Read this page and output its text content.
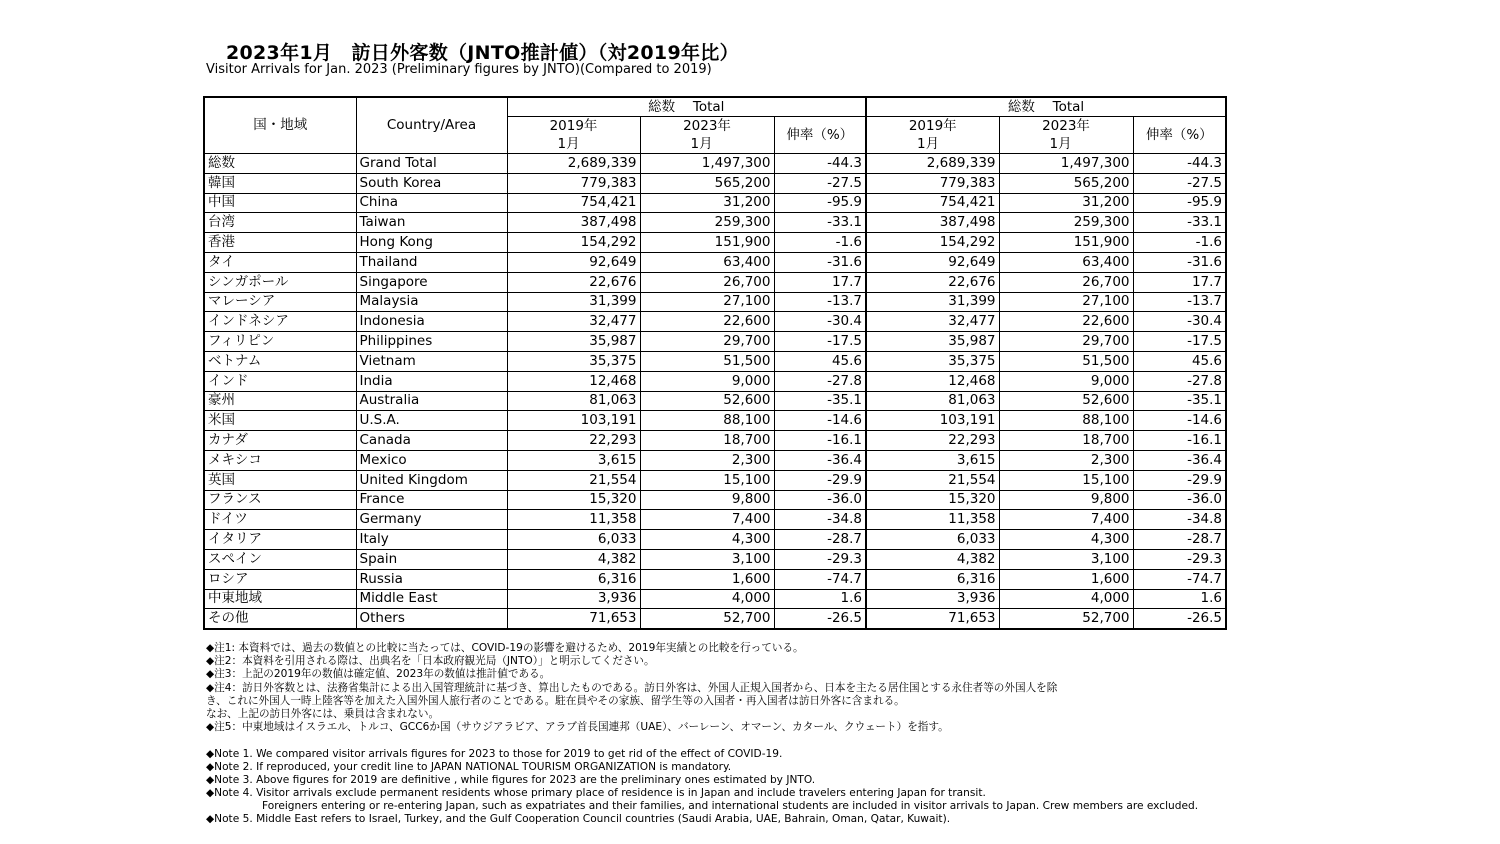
2023年1月　訪日外客数（JNTO推計値）（対2019年比）
Visitor Arrivals for Jan. 2023 (Preliminary figures by JNTO)(Compared to 2019)
国・地域	Country/Area	総数　 Total			総数　 Total		
		2019年	2023年	伸率（%）	2019年	2023年	伸率（%）
		1月	1月		1月	1月	
総数	Grand Total	2,689,339	1,497,300	-44.3	2,689,339	1,497,300	-44.3
韓国	South Korea	779,383	565,200	-27.5	779,383	565,200	-27.5
中国	China	754,421	31,200	-95.9	754,421	31,200	-95.9
台湾	Taiwan	387,498	259,300	-33.1	387,498	259,300	-33.1
香港	Hong Kong	154,292	151,900	-1.6	154,292	151,900	-1.6
タイ	Thailand	92,649	63,400	-31.6	92,649	63,400	-31.6
シンガポール	Singapore	22,676	26,700	17.7	22,676	26,700	17.7
マレーシア	Malaysia	31,399	27,100	-13.7	31,399	27,100	-13.7
インドネシア	Indonesia	32,477	22,600	-30.4	32,477	22,600	-30.4
フィリピン	Philippines	35,987	29,700	-17.5	35,987	29,700	-17.5
ベトナム	Vietnam	35,375	51,500	45.6	35,375	51,500	45.6
インド	India	12,468	9,000	-27.8	12,468	9,000	-27.8
豪州	Australia	81,063	52,600	-35.1	81,063	52,600	-35.1
米国	U.S.A.	103,191	88,100	-14.6	103,191	88,100	-14.6
カナダ	Canada	22,293	18,700	-16.1	22,293	18,700	-16.1
メキシコ	Mexico	3,615	2,300	-36.4	3,615	2,300	-36.4
英国	United Kingdom	21,554	15,100	-29.9	21,554	15,100	-29.9
フランス	France	15,320	9,800	-36.0	15,320	9,800	-36.0
ドイツ	Germany	11,358	7,400	-34.8	11,358	7,400	-34.8
イタリア	Italy	6,033	4,300	-28.7	6,033	4,300	-28.7
スペイン	Spain	4,382	3,100	-29.3	4,382	3,100	-29.3
ロシア	Russia	6,316	1,600	-74.7	6,316	1,600	-74.7
中東地域	Middle East	3,936	4,000	1.6	3,936	4,000	1.6
その他	Others	71,653	52,700	-26.5	71,653	52,700	-26.5
◆注1: 本資料では、過去の数値との比較に当たっては、COVID-19の影響を避けるため、2019年実績との比較を行っている。
◆注2：本資料を引用される際は、出典名を「日本政府観光局（JNTO）」と明示してください。
◆注3：上記の2019年の数値は確定値、2023年の数値は推計値である。
◆注4：訪日外客数とは、法務省集計による出入国管理統計に基づき、算出したものである。訪日外客は、外国人正規入国者から、日本を主たる居住国とする永住者等の外国人を除
き、これに外国人一時上陸客等を加えた入国外国人旅行者のことである。駐在員やその家族、留学生等の入国者・再入国者は訪日外客に含まれる。
なお、上記の訪日外客には、乗員は含まれない。
◆注5：中東地域はイスラエル、トルコ、GCC6か国（サウジアラビア、アラブ首長国連邦（UAE）、バーレーン、オマーン、カタール、クウェート）を指す。
◆Note 1. We compared visitor arrivals figures for 2023 to those for 2019 to get rid of the effect of COVID-19.
◆Note 2. If reproduced, your credit line to JAPAN NATIONAL TOURISM ORGANIZATION is mandatory.
◆Note 3. Above figures for 2019 are definitive , while figures for 2023 are the preliminary ones estimated by JNTO.
◆Note 4. Visitor arrivals exclude permanent residents whose primary place of residence is in Japan and include travelers entering Japan for transit.
Foreigners entering or re-entering Japan, such as expatriates and their families, and international students are included in visitor arrivals to Japan. Crew members are excluded.
◆Note 5. Middle East refers to Israel, Turkey, and the Gulf Cooperation Council countries (Saudi Arabia, UAE, Bahrain, Oman, Qatar, Kuwait).
